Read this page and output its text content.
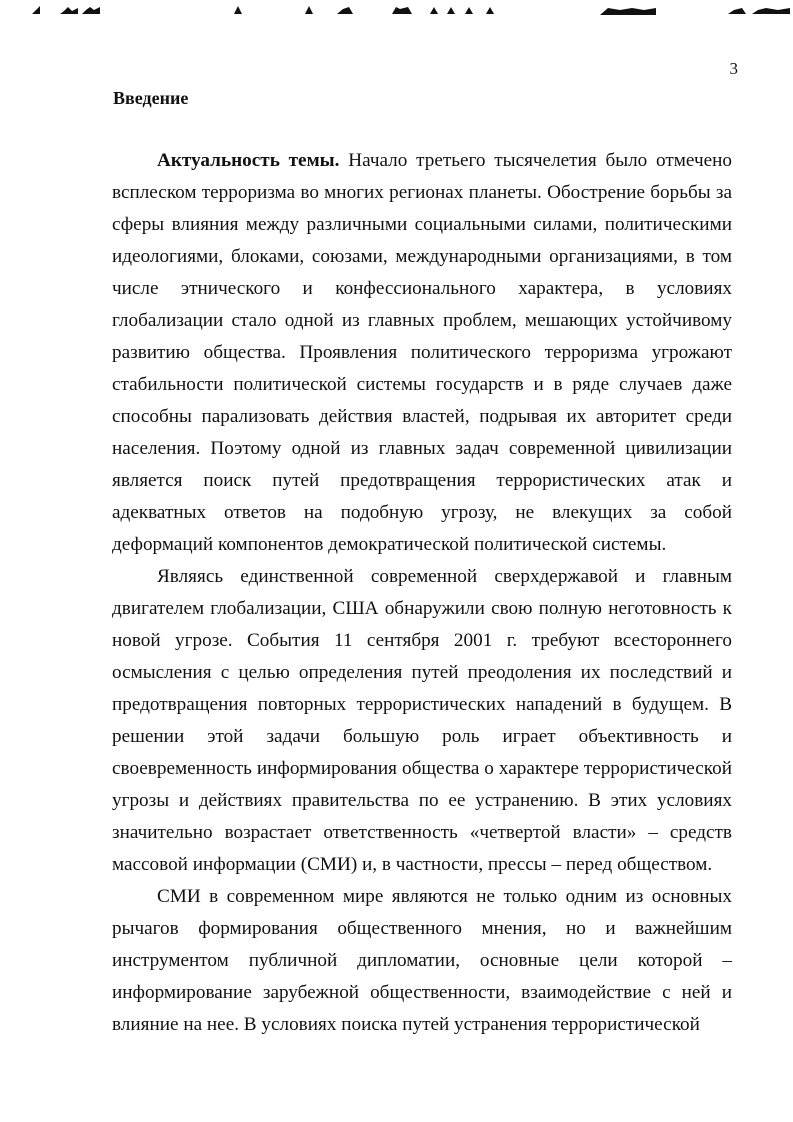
3
Введение

Актуальность темы. Начало третьего тысячелетия было отмечено всплеском терроризма во многих регионах планеты. Обострение борьбы за сферы влияния между различными социальными силами, политическими идеологиями, блоками, союзами, международными организациями, в том числе этнического и конфессионального характера, в условиях глобализации стало одной из главных проблем, мешающих устойчивому развитию общества. Проявления политического терроризма угрожают стабильности политической системы государств и в ряде случаев даже способны парализовать действия властей, подрывая их авторитет среди населения. Поэтому одной из главных задач современной цивилизации является поиск путей предотвращения террористических атак и адекватных ответов на подобную угрозу, не влекущих за собой деформаций компонентов демократической политической системы.

Являясь единственной современной сверхдержавой и главным двигателем глобализации, США обнаружили свою полную неготовность к новой угрозе. События 11 сентября 2001 г. требуют всестороннего осмысления с целью определения путей преодоления их последствий и предотвращения повторных террористических нападений в будущем. В решении этой задачи большую роль играет объективность и своевременность информирования общества о характере террористической угрозы и действиях правительства по ее устранению. В этих условиях значительно возрастает ответственность «четвертой власти» – средств массовой информации (СМИ) и, в частности, прессы – перед обществом.

СМИ в современном мире являются не только одним из основных рычагов формирования общественного мнения, но и важнейшим инструментом публичной дипломатии, основные цели которой – информирование зарубежной общественности, взаимодействие с ней и влияние на нее. В условиях поиска путей устранения террористической
